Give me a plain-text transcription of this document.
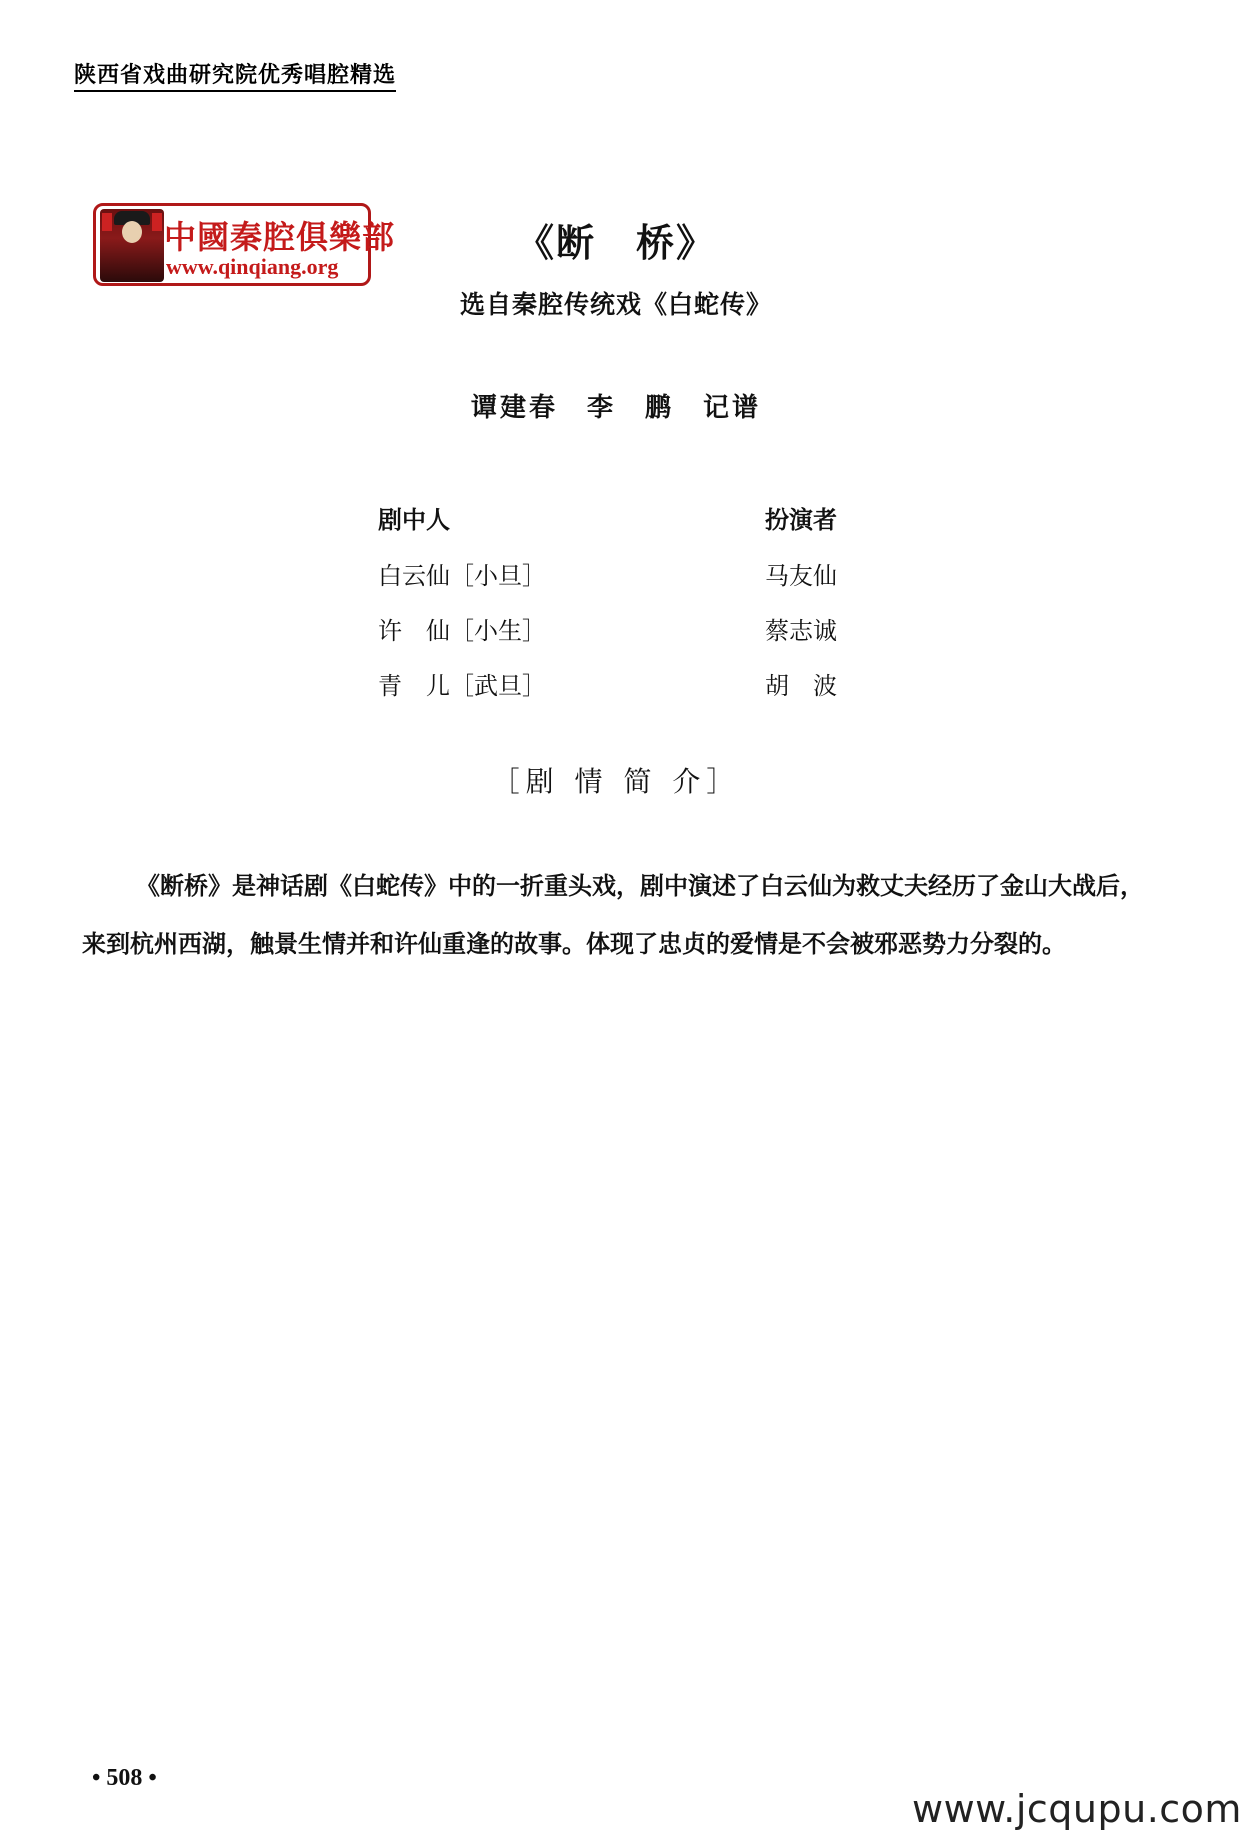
陕西省戏曲研究院优秀唱腔精选
中國秦腔俱樂部
www.qinqiang.org
《断　桥》
选自秦腔传统戏《白蛇传》
谭建春　李　鹏　记谱
剧中人	扮演者
白云仙［小旦］	马友仙
许　仙［小生］	蔡志诚
青　儿［武旦］	胡　波
［剧 情 简 介］
《断桥》是神话剧《白蛇传》中的一折重头戏，剧中演述了白云仙为救丈夫经历了金山大战后，
来到杭州西湖，触景生情并和许仙重逢的故事。体现了忠贞的爱情是不会被邪恶势力分裂的。
• 508 •
www.jcqupu.com
